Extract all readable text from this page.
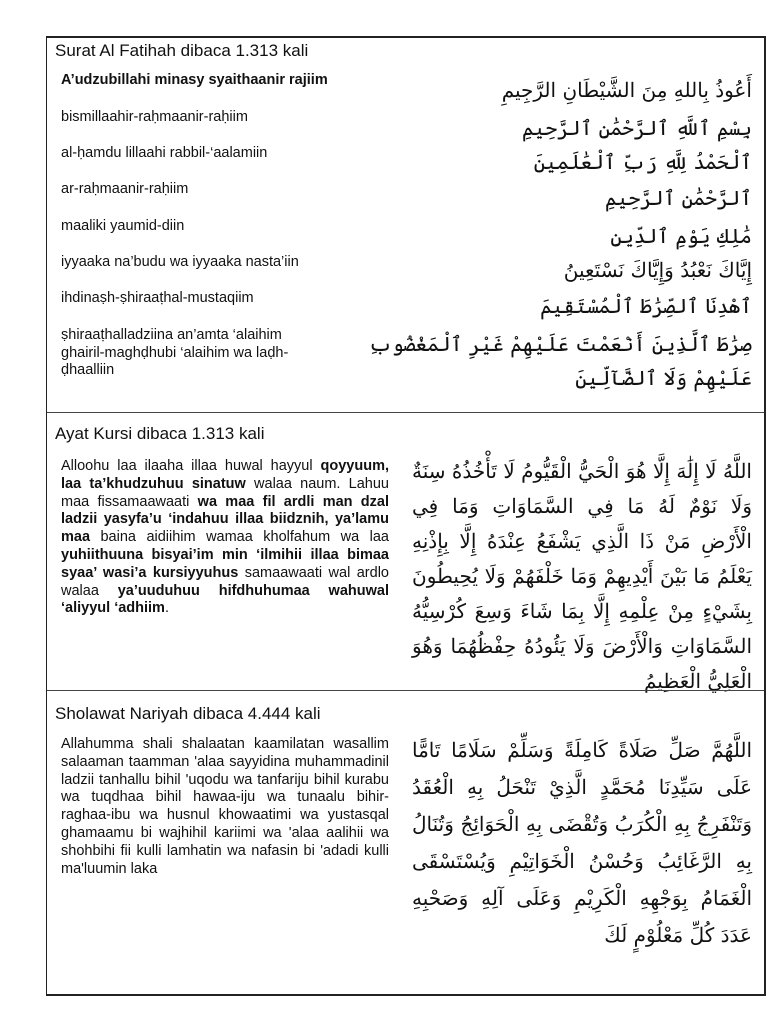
Surat Al Fatihah dibaca 1.313 kali
A’udzubillahi minasy syaithaanir rajiim
bismillaahir-raḥmaanir-raḥiim
al-ḥamdu lillaahi rabbil-‘aalamiin
ar-raḥmaanir-raḥiim
maaliki yaumid-diin
iyyaaka na’budu wa iyyaaka nasta’iin
ihdinaṣh-ṣhiraaṭhal-mustaqiim
ṣhiraaṭhalladziina an’amta ‘alaihim
ghairil-maghḍhubi ‘alaihim wa laḍh-
ḍhaalliin
أَعُوذُ بِاللهِ مِنَ الشَّيْطَانِ الرَّجِيمِ
بِسْمِ ٱللَّهِ ٱلرَّحْمَٰنِ ٱلرَّحِيمِ
ٱلْحَمْدُ لِلَّهِ رَبِّ ٱلْعَٰلَمِينَ
ٱلرَّحْمَٰنِ ٱلرَّحِيمِ
مَٰلِكِ يَوْمِ ٱلدِّينِ
إِيَّاكَ نَعْبُدُ وَإِيَّاكَ نَسْتَعِينُ
ٱهْدِنَا ٱلصِّرَٰطَ ٱلْمُسْتَقِيمَ
صِرَٰطَ ٱلَّذِينَ أَنْعَمْتَ عَلَيْهِمْ غَيْرِ ٱلْمَغْضُوبِ
عَلَيْهِمْ وَلَا ٱلضَّآلِّينَ
Ayat Kursi dibaca 1.313 kali
Alloohu laa ilaaha illaa huwal hayyul qoyyuum, laa ta’khudzuhuu sinatuw walaa naum. Lahuu maa fissamaawaati wa maa fil ardli man dzal ladzii yasyfa’u ‘indahuu illaa biidznih, ya’lamu maa baina aidiihim wamaa kholfahum wa laa yuhiithuuna bisyai’im min ‘ilmihii illaa bimaa syaa’ wasi’a kursiyyuhus samaawaati wal ardlo walaa ya’uuduhuu hifdhuhumaa wahuwal ‘aliyyul ‘adhiim.
اللَّهُ لَا إِلَٰهَ إِلَّا هُوَ الْحَيُّ الْقَيُّومُ لَا تَأْخُذُهُ سِنَةٌ وَلَا نَوْمٌ لَهُ مَا فِي السَّمَاوَاتِ وَمَا فِي الْأَرْضِ مَنْ ذَا الَّذِي يَشْفَعُ عِنْدَهُ إِلَّا بِإِذْنِهِ يَعْلَمُ مَا بَيْنَ أَيْدِيهِمْ وَمَا خَلْفَهُمْ وَلَا يُحِيطُونَ بِشَيْءٍ مِنْ عِلْمِهِ إِلَّا بِمَا شَاءَ وَسِعَ كُرْسِيُّهُ السَّمَاوَاتِ وَالْأَرْضَ وَلَا يَئُودُهُ حِفْظُهُمَا وَهُوَ الْعَلِيُّ الْعَظِيمُ
Sholawat Nariyah dibaca 4.444 kali
Allahumma shali shalaatan kaamilatan wasallim salaaman taamman 'alaa sayyidina muhammadinil ladzii tanhallu bihil 'uqodu wa tanfariju bihil kurabu wa tuqdhaa bihil hawaa-iju wa tunaalu bihir-raghaa-ibu wa husnul khowaatimi wa yustasqal ghamaamu bi wajhihil kariimi wa 'alaa aalihii wa shohbihi fii kulli lamhatin wa nafasin bi 'adadi kulli ma'luumin laka
اللَّهُمَّ صَلِّ صَلَاةً كَامِلَةً وَسَلِّمْ سَلَامًا تَامًّا عَلَى سَيِّدِنَا مُحَمَّدٍ الَّذِيْ تَنْحَلُ بِهِ الْعُقَدُ وَتَنْفَرِجُ بِهِ الْكُرَبُ وَتُقْضَى بِهِ الْحَوَائِجُ وَتُنَالُ بِهِ الرَّغَائِبُ وَحُسْنُ الْخَوَاتِيْمِ وَيُسْتَسْقَى الْغَمَامُ بِوَجْهِهِ الْكَرِيْمِ وَعَلَى آلِهِ وَصَحْبِهِ عَدَدَ كُلِّ مَعْلُوْمٍ لَكَ
